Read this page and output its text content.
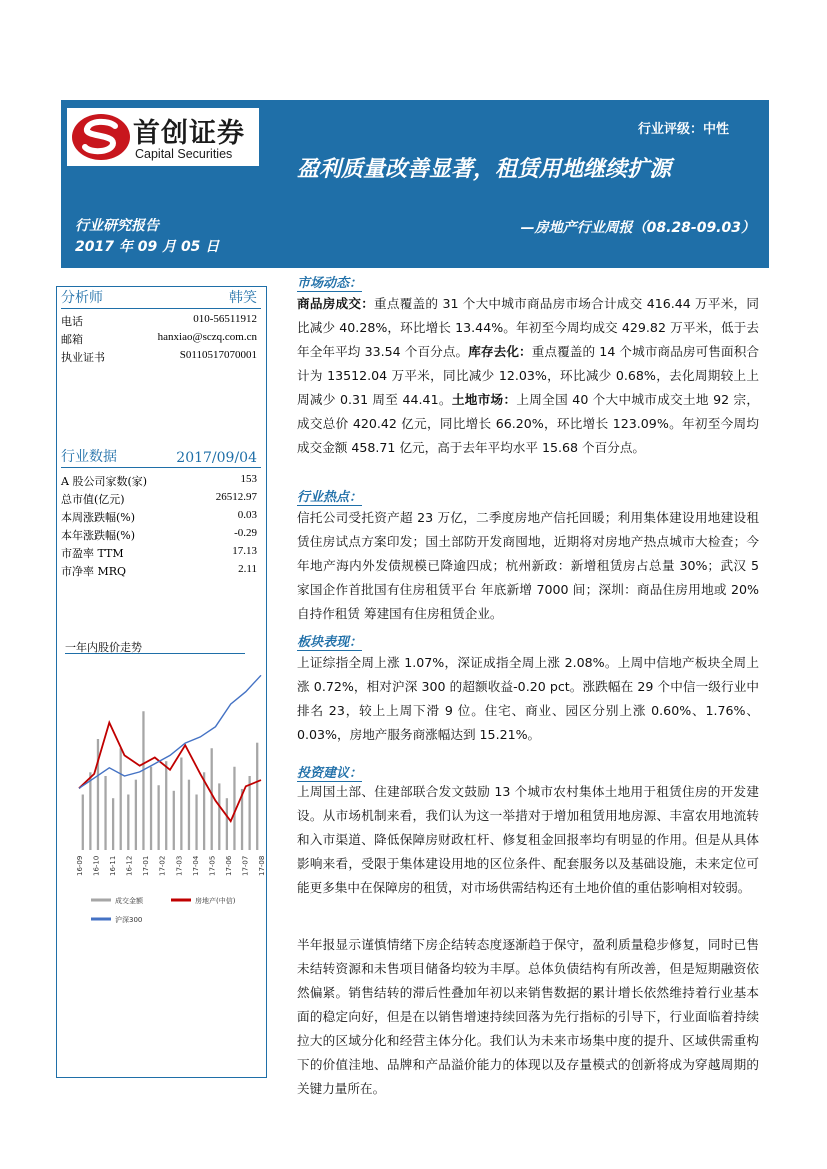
首创证券
Capital Securities
行业评级：中性
盈利质量改善显著，租赁用地继续扩源
行业研究报告
2017 年 09 月 05 日
—房地产行业周报（08.28-09.03）
分析师	韩笑
电话	010-56511912
邮箱	hanxiao@sczq.com.cn
执业证书	S0110517070001
行业数据	2017/09/04
A 股公司家数(家)	153
总市值(亿元)	26512.97
本周涨跌幅(%)	0.03
本年涨跌幅(%)	-0.29
市盈率 TTM	17.13
市净率 MRQ	2.11
一年内股价走势
16-09 16-10 16-11 16-12 17-01 17-02 17-03 17-04 17-05 17-06 17-07 17-08
成交金额	房地产(中信)
沪深300
市场动态：
商品房成交：重点覆盖的 31 个大中城市商品房市场合计成交 416.44 万平米，同比减少 40.28%，环比增长 13.44%。年初至今周均成交 429.82 万平米，低于去年全年平均 33.54 个百分点。库存去化：重点覆盖的 14 个城市商品房可售面积合计为 13512.04 万平米，同比减少 12.03%，环比减少 0.68%，去化周期较上上周减少 0.31 周至 44.41。土地市场：上周全国 40 个大中城市成交土地 92 宗，成交总价 420.42 亿元，同比增长 66.20%，环比增长 123.09%。年初至今周均成交金额 458.71 亿元，高于去年平均水平 15.68 个百分点。
行业热点：
信托公司受托资产超 23 万亿，二季度房地产信托回暖；利用集体建设用地建设租赁住房试点方案印发；国土部防开发商囤地，近期将对房地产热点城市大检查；今年地产海内外发债规模已降逾四成；杭州新政：新增租赁房占总量 30%；武汉 5 家国企作首批国有住房租赁平台 年底新增 7000 间；深圳：商品住房用地或 20%自持作租赁 筹建国有住房租赁企业。
板块表现：
上证综指全周上涨 1.07%，深证成指全周上涨 2.08%。上周中信地产板块全周上涨 0.72%，相对沪深 300 的超额收益-0.20 pct。涨跌幅在 29 个中信一级行业中排名 23，较上上周下滑 9 位。住宅、商业、园区分别上涨 0.60%、1.76%、0.03%，房地产服务商涨幅达到 15.21%。
投资建议：
上周国土部、住建部联合发文鼓励 13 个城市农村集体土地用于租赁住房的开发建设。从市场机制来看，我们认为这一举措对于增加租赁用地房源、丰富农用地流转和入市渠道、降低保障房财政杠杆、修复租金回报率均有明显的作用。但是从具体影响来看，受限于集体建设用地的区位条件、配套服务以及基础设施，未来定位可能更多集中在保障房的租赁，对市场供需结构还有土地价值的重估影响相对较弱。
半年报显示谨慎情绪下房企结转态度逐渐趋于保守，盈利质量稳步修复，同时已售未结转资源和未售项目储备均较为丰厚。总体负债结构有所改善，但是短期融资依然偏紧。销售结转的滞后性叠加年初以来销售数据的累计增长依然维持着行业基本面的稳定向好，但是在以销售增速持续回落为先行指标的引导下，行业面临着持续拉大的区域分化和经营主体分化。我们认为未来市场集中度的提升、区域供需重构下的价值洼地、品牌和产品溢价能力的体现以及存量模式的创新将成为穿越周期的关键力量所在。
